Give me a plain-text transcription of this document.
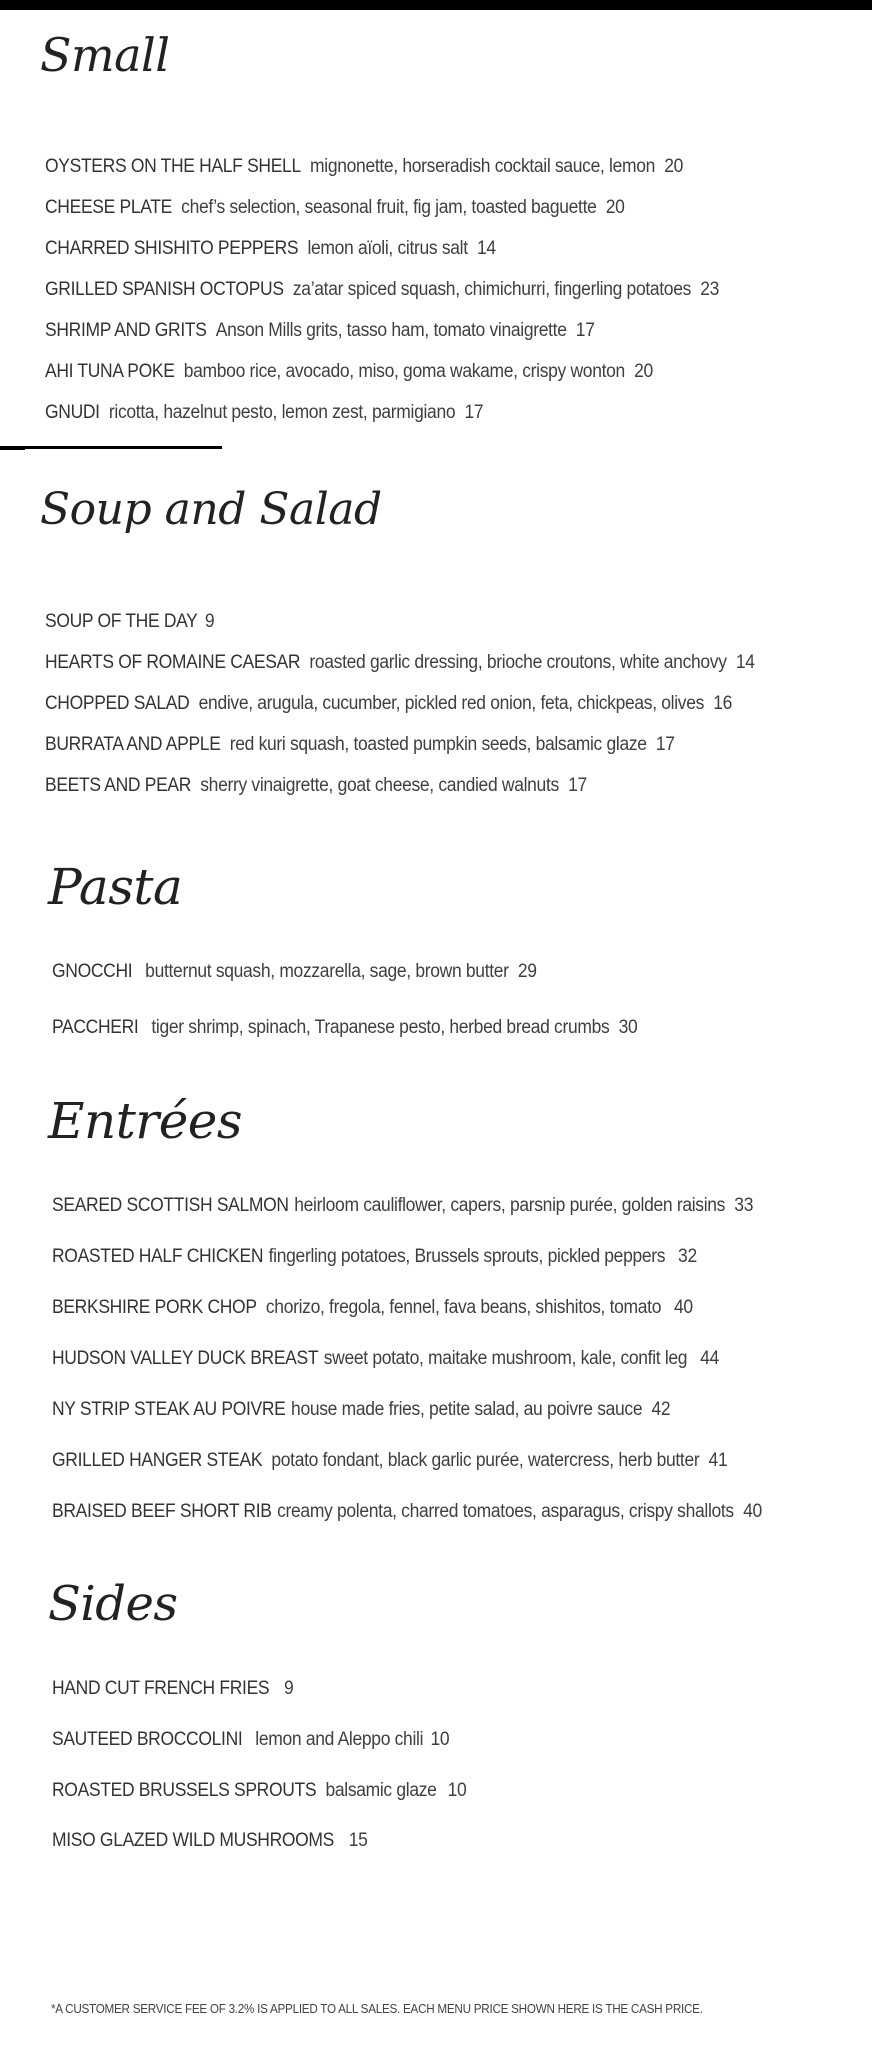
Small
OYSTERS ON THE HALF SHELL mignonette, horseradish cocktail sauce, lemon 20
CHEESE PLATE chef’s selection, seasonal fruit, fig jam, toasted baguette 20
CHARRED SHISHITO PEPPERS lemon aïoli, citrus salt 14
GRILLED SPANISH OCTOPUS za’atar spiced squash, chimichurri, fingerling potatoes 23
SHRIMP AND GRITS Anson Mills grits, tasso ham, tomato vinaigrette 17
AHI TUNA POKE bamboo rice, avocado, miso, goma wakame, crispy wonton 20
GNUDI ricotta, hazelnut pesto, lemon zest, parmigiano 17
Soup and Salad
SOUP OF THE DAY 9
HEARTS OF ROMAINE CAESAR roasted garlic dressing, brioche croutons, white anchovy 14
CHOPPED SALAD endive, arugula, cucumber, pickled red onion, feta, chickpeas, olives 16
BURRATA AND APPLE red kuri squash, toasted pumpkin seeds, balsamic glaze 17
BEETS AND PEAR sherry vinaigrette, goat cheese, candied walnuts 17
Pasta
GNOCCHI butternut squash, mozzarella, sage, brown butter 29
PACCHERI tiger shrimp, spinach, Trapanese pesto, herbed bread crumbs 30
Entrées
SEARED SCOTTISH SALMON heirloom cauliflower, capers, parsnip purée, golden raisins 33
ROASTED HALF CHICKEN fingerling potatoes, Brussels sprouts, pickled peppers 32
BERKSHIRE PORK CHOP chorizo, fregola, fennel, fava beans, shishitos, tomato 40
HUDSON VALLEY DUCK BREAST sweet potato, maitake mushroom, kale, confit leg 44
NY STRIP STEAK AU POIVRE house made fries, petite salad, au poivre sauce 42
GRILLED HANGER STEAK potato fondant, black garlic purée, watercress, herb butter 41
BRAISED BEEF SHORT RIB creamy polenta, charred tomatoes, asparagus, crispy shallots 40
Sides
HAND CUT FRENCH FRIES 9
SAUTEED BROCCOLINI lemon and Aleppo chili 10
ROASTED BRUSSELS SPROUTS balsamic glaze 10
MISO GLAZED WILD MUSHROOMS 15
*A CUSTOMER SERVICE FEE OF 3.2% IS APPLIED TO ALL SALES. EACH MENU PRICE SHOWN HERE IS THE CASH PRICE.
